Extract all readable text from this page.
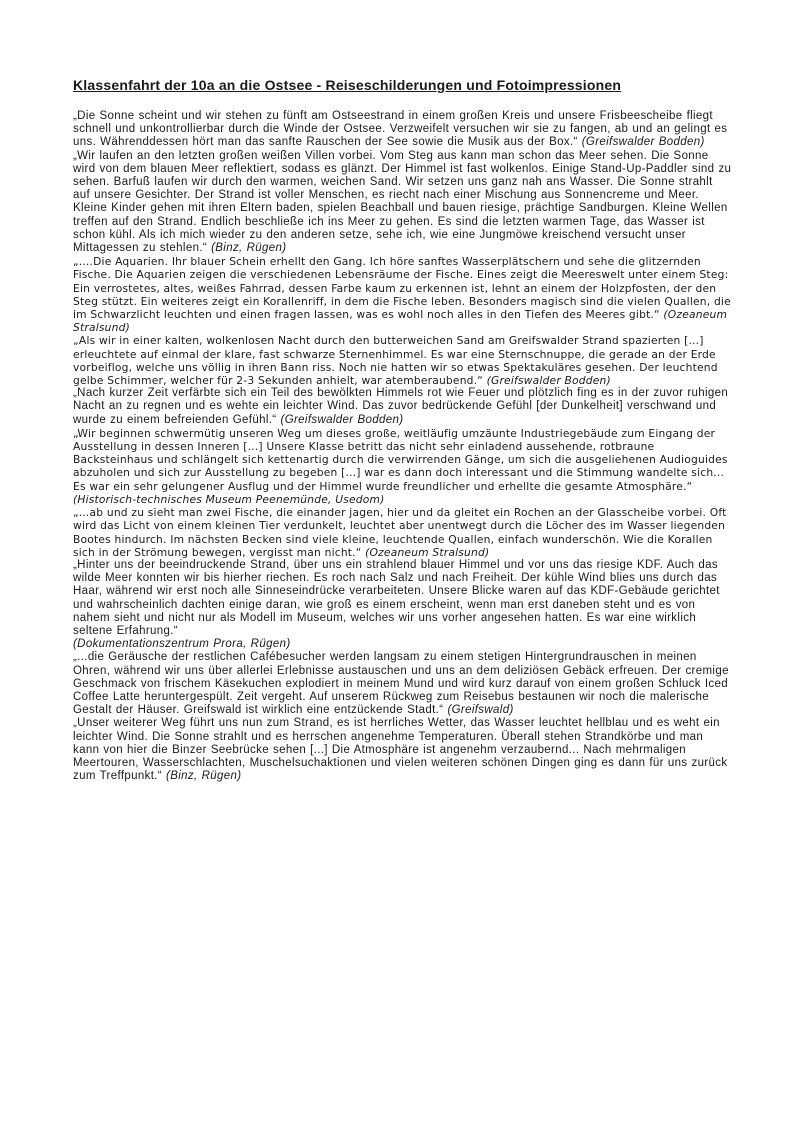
Klassenfahrt der 10a an die Ostsee - Reiseschilderungen und Fotoimpressionen

„Die Sonne scheint und wir stehen zu fünft am Ostseestrand in einem großen Kreis und unsere Frisbeescheibe fliegt schnell und unkontrollierbar durch die Winde der Ostsee. Verzweifelt versuchen wir sie zu fangen, ab und an gelingt es uns. Währenddessen hört man das sanfte Rauschen der See sowie die Musik aus der Box.“ (Greifswalder Bodden)

„Wir laufen an den letzten großen weißen Villen vorbei. Vom Steg aus kann man schon das Meer sehen. Die Sonne wird von dem blauen Meer reflektiert, sodass es glänzt. Der Himmel ist fast wolkenlos. Einige Stand-Up-Paddler sind zu sehen. Barfuß laufen wir durch den warmen, weichen Sand. Wir setzen uns ganz nah ans Wasser. Die Sonne strahlt auf unsere Gesichter. Der Strand ist voller Menschen, es riecht nach einer Mischung aus Sonnencreme und Meer. Kleine Kinder gehen mit ihren Eltern baden, spielen Beachball und bauen riesige, prächtige Sandburgen. Kleine Wellen treffen auf den Strand. Endlich beschließe ich ins Meer zu gehen. Es sind die letzten warmen Tage, das Wasser ist schon kühl. Als ich mich wieder zu den anderen setze, sehe ich, wie eine Jungmöwe kreischend versucht unser Mittagessen zu stehlen.“ (Binz, Rügen)

„....Die Aquarien. Ihr blauer Schein erhellt den Gang. Ich höre sanftes Wasserplätschern und sehe die glitzernden Fische. Die Aquarien zeigen die verschiedenen Lebensräume der Fische. Eines zeigt die Meereswelt unter einem Steg: Ein verrostetes, altes, weißes Fahrrad, dessen Farbe kaum zu erkennen ist, lehnt an einem der Holzpfosten, der den Steg stützt. Ein weiteres zeigt ein Korallenriff, in dem die Fische leben. Besonders magisch sind die vielen Quallen, die im Schwarzlicht leuchten und einen fragen lassen, was es wohl noch alles in den Tiefen des Meeres gibt.“ (Ozeaneum Stralsund)

„Als wir in einer kalten, wolkenlosen Nacht durch den butterweichen Sand am Greifswalder Strand spazierten [...] erleuchtete auf einmal der klare, fast schwarze Sternenhimmel. Es war eine Sternschnuppe, die gerade an der Erde vorbeiflog, welche uns völlig in ihren Bann riss. Noch nie hatten wir so etwas Spektakuläres gesehen. Der leuchtend gelbe Schimmer, welcher für 2-3 Sekunden anhielt, war atemberaubend.“ (Greifswalder Bodden)

„Nach kurzer Zeit verfärbte sich ein Teil des bewölkten Himmels rot wie Feuer und plötzlich fing es in der zuvor ruhigen Nacht an zu regnen und es wehte ein leichter Wind. Das zuvor bedrückende Gefühl [der Dunkelheit] verschwand und wurde zu einem befreienden Gefühl.“ (Greifswalder Bodden)

„Wir beginnen schwermütig unseren Weg um dieses große, weitläufig umzäunte Industriegebäude zum Eingang der Ausstellung in dessen Inneren [...] Unsere Klasse betritt das nicht sehr einladend aussehende, rotbraune Backsteinhaus und schlängelt sich kettenartig durch die verwirrenden Gänge, um sich die ausgeliehenen Audioguides abzuholen und sich zur Ausstellung zu begeben [...] war es dann doch interessant und die Stimmung wandelte sich... Es war ein sehr gelungener Ausflug und der Himmel wurde freundlicher und erhellte die gesamte Atmosphäre.“ (Historisch-technisches Museum Peenemünde, Usedom)

„...ab und zu sieht man zwei Fische, die einander jagen, hier und da gleitet ein Rochen an der Glasscheibe vorbei. Oft wird das Licht von einem kleinen Tier verdunkelt, leuchtet aber unentwegt durch die Löcher des im Wasser liegenden Bootes hindurch. Im nächsten Becken sind viele kleine, leuchtende Quallen, einfach wunderschön. Wie die Korallen sich in der Strömung bewegen, vergisst man nicht.“ (Ozeaneum Stralsund)

„Hinter uns der beeindruckende Strand, über uns ein strahlend blauer Himmel und vor uns das riesige KDF. Auch das wilde Meer konnten wir bis hierher riechen. Es roch nach Salz und nach Freiheit. Der kühle Wind blies uns durch das Haar, während wir erst noch alle Sinneseindrücke verarbeiteten. Unsere Blicke waren auf das KDF-Gebäude gerichtet und wahrscheinlich dachten einige daran, wie groß es einem erscheint, wenn man erst daneben steht und es von nahem sieht und nicht nur als Modell im Museum, welches wir uns vorher angesehen hatten. Es war eine wirklich seltene Erfahrung.“
(Dokumentationszentrum Prora, Rügen)

„...die Geräusche der restlichen Cafébesucher werden langsam zu einem stetigen Hintergrundrauschen in meinen Ohren, während wir uns über allerlei Erlebnisse austauschen und uns an dem deliziösen Gebäck erfreuen. Der cremige Geschmack von frischem Käsekuchen explodiert in meinem Mund und wird kurz darauf von einem großen Schluck Iced Coffee Latte heruntergespült. Zeit vergeht. Auf unserem Rückweg zum Reisebus bestaunen wir noch die malerische Gestalt der Häuser. Greifswald ist wirklich eine entzückende Stadt.“ (Greifswald)

„Unser weiterer Weg führt uns nun zum Strand, es ist herrliches Wetter, das Wasser leuchtet hellblau und es weht ein leichter Wind. Die Sonne strahlt und es herrschen angenehme Temperaturen. Überall stehen Strandkörbe und man kann von hier die Binzer Seebrücke sehen [...] Die Atmosphäre ist angenehm verzaubernd... Nach mehrmaligen Meertouren, Wasserschlachten, Muschelsuchaktionen und vielen weiteren schönen Dingen ging es dann für uns zurück zum Treffpunkt.“ (Binz, Rügen)
